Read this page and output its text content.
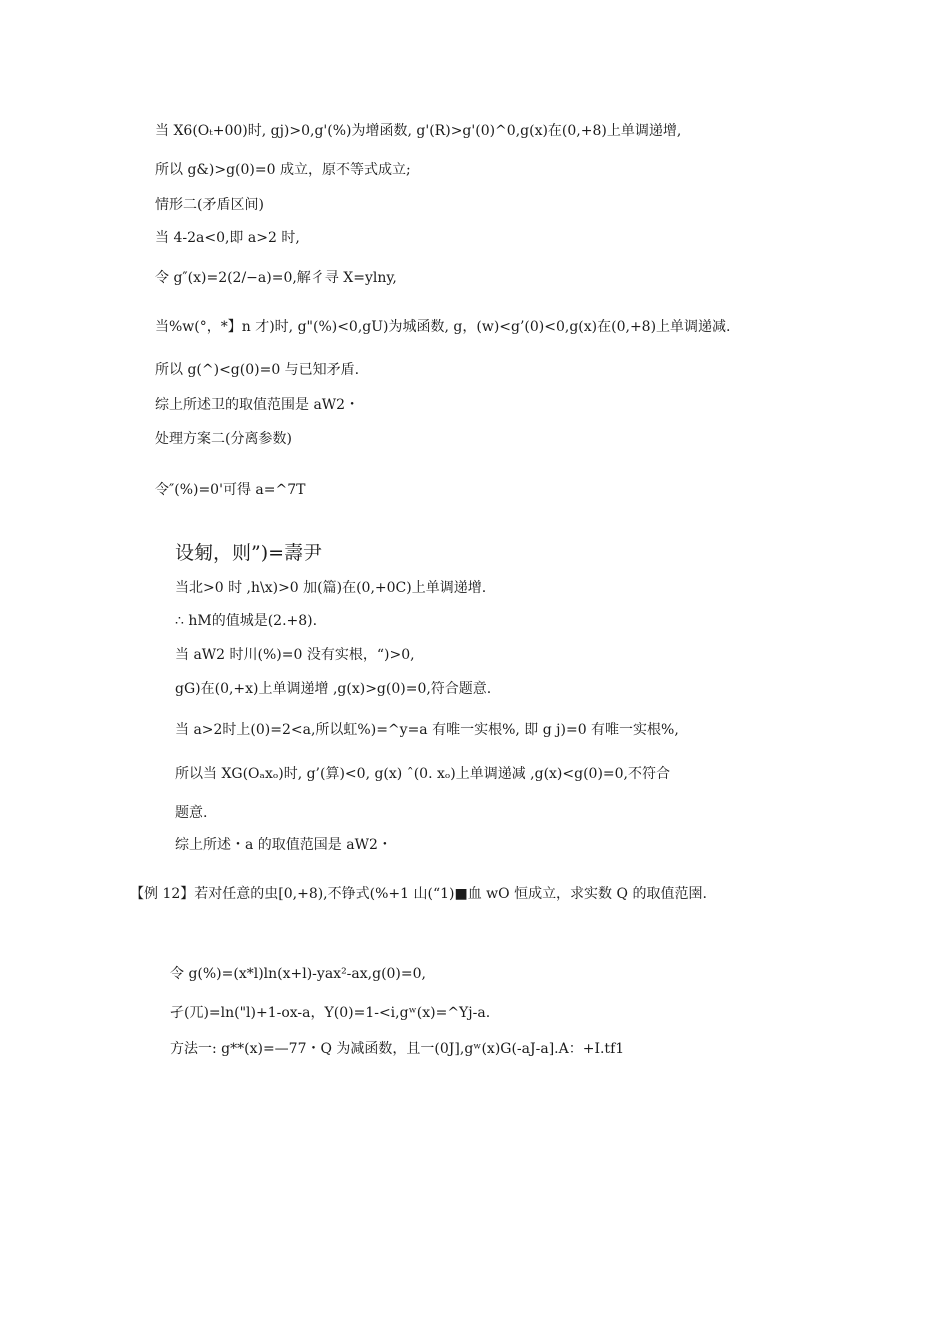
当 X6(Oₜ+00)时, gj)>0,g'(%)为增函数, g'(R)>g'(0)^0,g(x)在(0,+8)上单调递增,

所以 g&)>g(0)=0 成立，原不等式成立;

情形二(矛盾区间)

当 4-2a<0,即 a>2 时,

令 g″(x)=2(2/−a)=0,解彳寻 X=ylny,

当%w(°，*】n 才)时, g"(%)<0,gU)为城函数, g，(w)<g’(0)<0,g(x)在(0,+8)上单调递减.

所以 g(^)<g(0)=0 与已知矛盾.

综上所述卫的取值范围是 aW2・

处理方案二(分离参数)

令″(%)=0'可得 a=^7T

设匑，则”)=壽尹

当北>0 时 ,h\x)>0 加(篇)在(0,+0C)上单调递增.

∴ hM的值城是(2.+8).

当 aW2 时川(%)=0 没有实根，“)>0,

gG)在(0,+x)上单调递增 ,g(x)>g(0)=0,符合题意.

当 a>2时上(0)=2<a,所以虹%)=^y=a 有唯一实根%, 即 g j)=0 有唯一实根%,

所以当 XG(Oₐxₒ)时, g’(算)<0, g(x) ˆ(0. xₒ)上单调递减 ,g(x)<g(0)=0,不符合

题意.

综上所述・a 的取值范国是 aW2・

【例 12】若对任意的虫[0,+8),不铮式(%+1 山(“1)■血 wO 恒成立，求实数 Q 的取值范圉.

令 g(%)=(x*l)ln(x+l)-yax²-ax,g(0)=0,

孑(兀)=ln("l)+1-ox-a，Y(0)=1-<i,gʷ(x)=^Yj-a.

方法一: g**(x)=—77・Q 为减函数，且一(0J],gʷ(x)G(-aJ-a].A：+I.tf1
